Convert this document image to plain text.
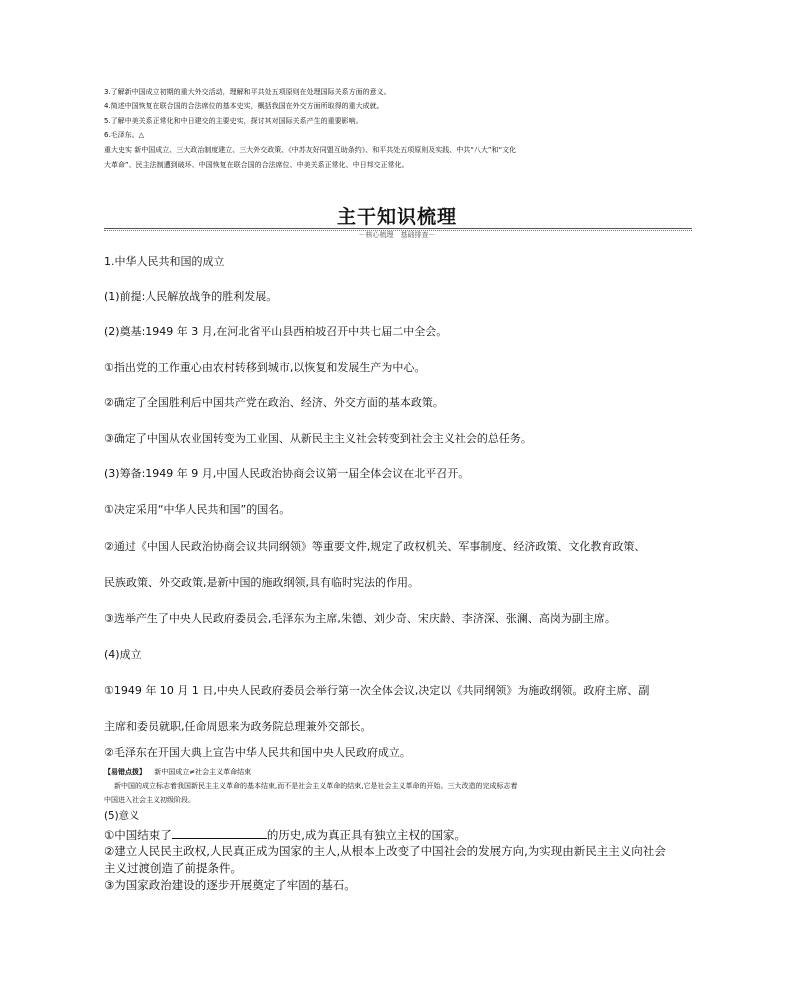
3.了解新中国成立初期的重大外交活动，理解和平共处五项原则在处理国际关系方面的意义。
4.简述中国恢复在联合国的合法席位的基本史实，概括我国在外交方面所取得的重大成就。
5.了解中美关系正常化和中日建交的主要史实，探讨其对国际关系产生的重要影响。
6.毛泽东。△
重大史实 新中国成立、三大政治制度建立、三大外交政策、《中苏友好同盟互助条约》、和平共处五项原则及实践、中共“八大”和“文化
大革命”、民主法制遭到破坏、中国恢复在联合国的合法席位、中美关系正常化、中日邦交正常化。
主干知识梳理
－核心梳理　基础排查－
1.中华人民共和国的成立
(1)前提:人民解放战争的胜利发展。
(2)奠基:1949 年 3 月,在河北省平山县西柏坡召开中共七届二中全会。
①指出党的工作重心由农村转移到城市,以恢复和发展生产为中心。
②确定了全国胜利后中国共产党在政治、经济、外交方面的基本政策。
③确定了中国从农业国转变为工业国、从新民主主义社会转变到社会主义社会的总任务。
(3)筹备:1949 年 9 月,中国人民政治协商会议第一届全体会议在北平召开。
①决定采用“中华人民共和国”的国名。
②通过《中国人民政治协商会议共同纲领》等重要文件,规定了政权机关、军事制度、经济政策、文化教育政策、
民族政策、外交政策,是新中国的施政纲领,具有临时宪法的作用。
③选举产生了中央人民政府委员会,毛泽东为主席,朱德、刘少奇、宋庆龄、李济深、张澜、高岗为副主席。
(4)成立
①1949 年 10 月 1 日,中央人民政府委员会举行第一次全体会议,决定以《共同纲领》为施政纲领。政府主席、副
主席和委员就职,任命周恩来为政务院总理兼外交部长。
②毛泽东在开国大典上宣告中华人民共和国中央人民政府成立。
【易错点拨】 新中国成立≠社会主义革命结束
新中国的成立标志着我国新民主主义革命的基本结束,而不是社会主义革命的结束,它是社会主义革命的开始。三大改造的完成标志着
中国进入社会主义初级阶段。
(5)意义
①中国结束了	的历史,成为真正具有独立主权的国家。
②建立人民民主政权,人民真正成为国家的主人,从根本上改变了中国社会的发展方向,为实现由新民主主义向社会
主义过渡创造了前提条件。
③为国家政治建设的逐步开展奠定了牢固的基石。
